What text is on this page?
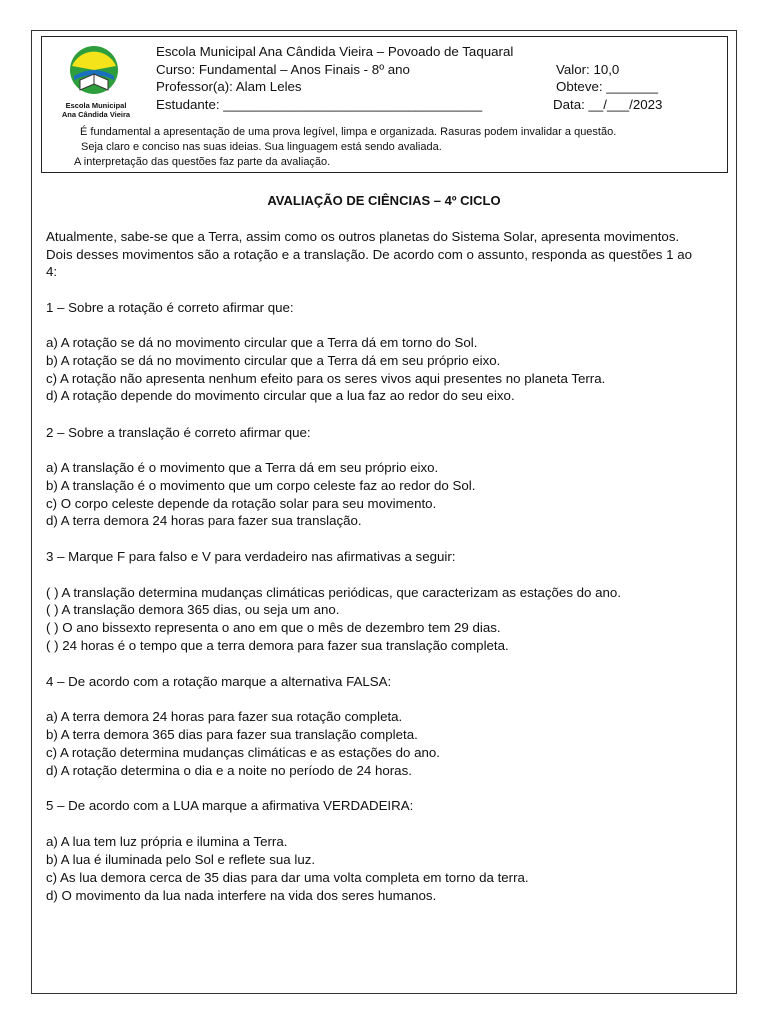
Escola Municipal
Ana Cândida Vieira
Escola Municipal Ana Cândida Vieira – Povoado de Taquaral
Curso: Fundamental – Anos Finais - 8º ano	Valor: 10,0
Professor(a): Alam Leles	Obteve: _______
Estudante: ___________________________________	Data: __/___/2023
É fundamental a apresentação de uma prova legível, limpa e organizada. Rasuras podem invalidar a questão.
Seja claro e conciso nas suas ideias. Sua linguagem está sendo avaliada.
A interpretação das questões faz parte da avaliação.
AVALIAÇÃO DE CIÊNCIAS – 4º CICLO
Atualmente, sabe-se que a Terra, assim como os outros planetas do Sistema Solar, apresenta movimentos.
Dois desses movimentos são a rotação e a translação. De acordo com o assunto, responda as questões 1 ao
4:
1 – Sobre a rotação é correto afirmar que:
a) A rotação se dá no movimento circular que a Terra dá em torno do Sol.
b) A rotação se dá no movimento circular que a Terra dá em seu próprio eixo.
c) A rotação não apresenta nenhum efeito para os seres vivos aqui presentes no planeta Terra.
d) A rotação depende do movimento circular que a lua faz ao redor do seu eixo.
2 – Sobre a translação é correto afirmar que:
a) A translação é o movimento que a Terra dá em seu próprio eixo.
b) A translação é o movimento que um corpo celeste faz ao redor do Sol.
c) O corpo celeste depende da rotação solar para seu movimento.
d) A terra demora 24 horas para fazer sua translação.
3 – Marque F para falso e V para verdadeiro nas afirmativas a seguir:
( ) A translação determina mudanças climáticas periódicas, que caracterizam as estações do ano.
( ) A translação demora 365 dias, ou seja um ano.
( ) O ano bissexto representa o ano em que o mês de dezembro tem 29 dias.
( ) 24 horas é o tempo que a terra demora para fazer sua translação completa.
4 – De acordo com a rotação marque a alternativa FALSA:
a) A terra demora 24 horas para fazer sua rotação completa.
b) A terra demora 365 dias para fazer sua translação completa.
c) A rotação determina mudanças climáticas e as estações do ano.
d) A rotação determina o dia e a noite no período de 24 horas.
5 – De acordo com a LUA marque a afirmativa VERDADEIRA:
a) A lua tem luz própria e ilumina a Terra.
b) A lua é iluminada pelo Sol e reflete sua luz.
c) As lua demora cerca de 35 dias para dar uma volta completa em torno da terra.
d) O movimento da lua nada interfere na vida dos seres humanos.
